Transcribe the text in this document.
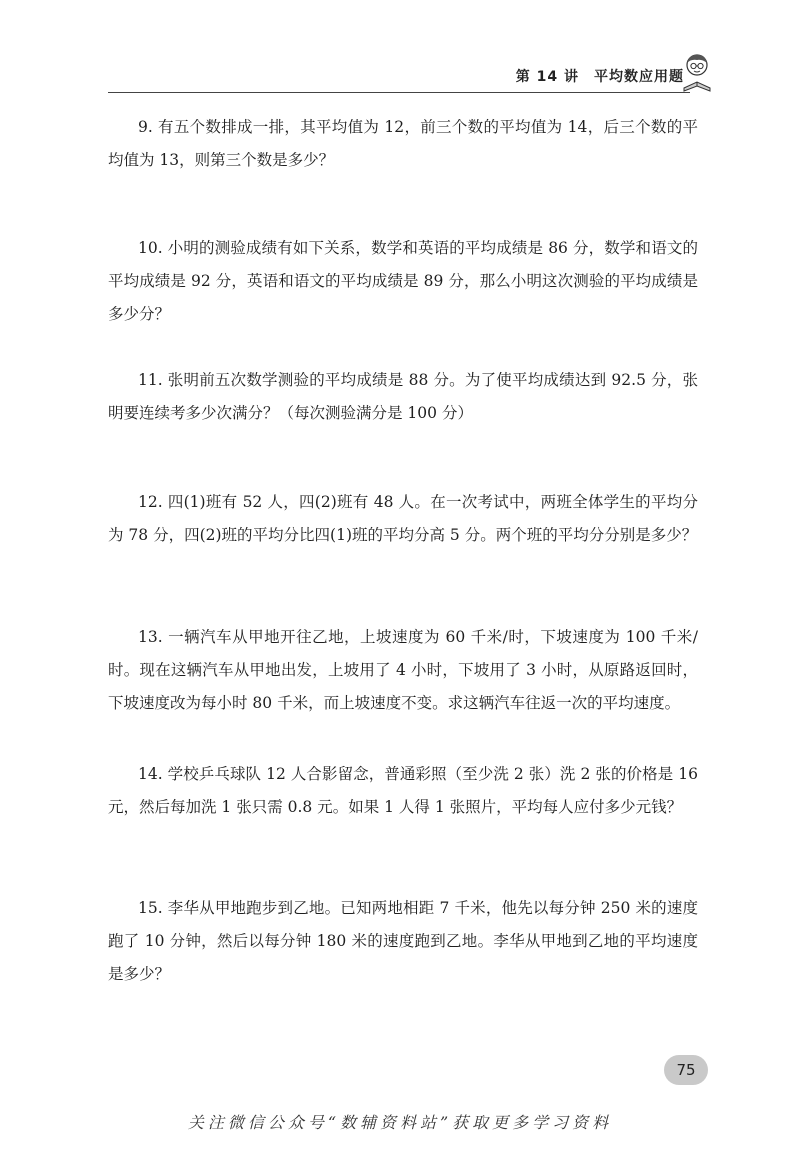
第 14 讲　平均数应用题
9. 有五个数排成一排，其平均值为 12，前三个数的平均值为 14，后三个数的平均值为 13，则第三个数是多少？
10. 小明的测验成绩有如下关系，数学和英语的平均成绩是 86 分，数学和语文的平均成绩是 92 分，英语和语文的平均成绩是 89 分，那么小明这次测验的平均成绩是多少分？
11. 张明前五次数学测验的平均成绩是 88 分。为了使平均成绩达到 92.5 分，张明要连续考多少次满分？（每次测验满分是 100 分）
12. 四(1)班有 52 人，四(2)班有 48 人。在一次考试中，两班全体学生的平均分为 78 分，四(2)班的平均分比四(1)班的平均分高 5 分。两个班的平均分分别是多少？
13. 一辆汽车从甲地开往乙地，上坡速度为 60 千米/时，下坡速度为 100 千米/时。现在这辆汽车从甲地出发，上坡用了 4 小时，下坡用了 3 小时，从原路返回时，下坡速度改为每小时 80 千米，而上坡速度不变。求这辆汽车往返一次的平均速度。
14. 学校乒乓球队 12 人合影留念，普通彩照（至少洗 2 张）洗 2 张的价格是 16 元，然后每加洗 1 张只需 0.8 元。如果 1 人得 1 张照片，平均每人应付多少元钱？
15. 李华从甲地跑步到乙地。已知两地相距 7 千米，他先以每分钟 250 米的速度跑了 10 分钟，然后以每分钟 180 米的速度跑到乙地。李华从甲地到乙地的平均速度是多少？
75
关注微信公众号“数辅资料站”获取更多学习资料
